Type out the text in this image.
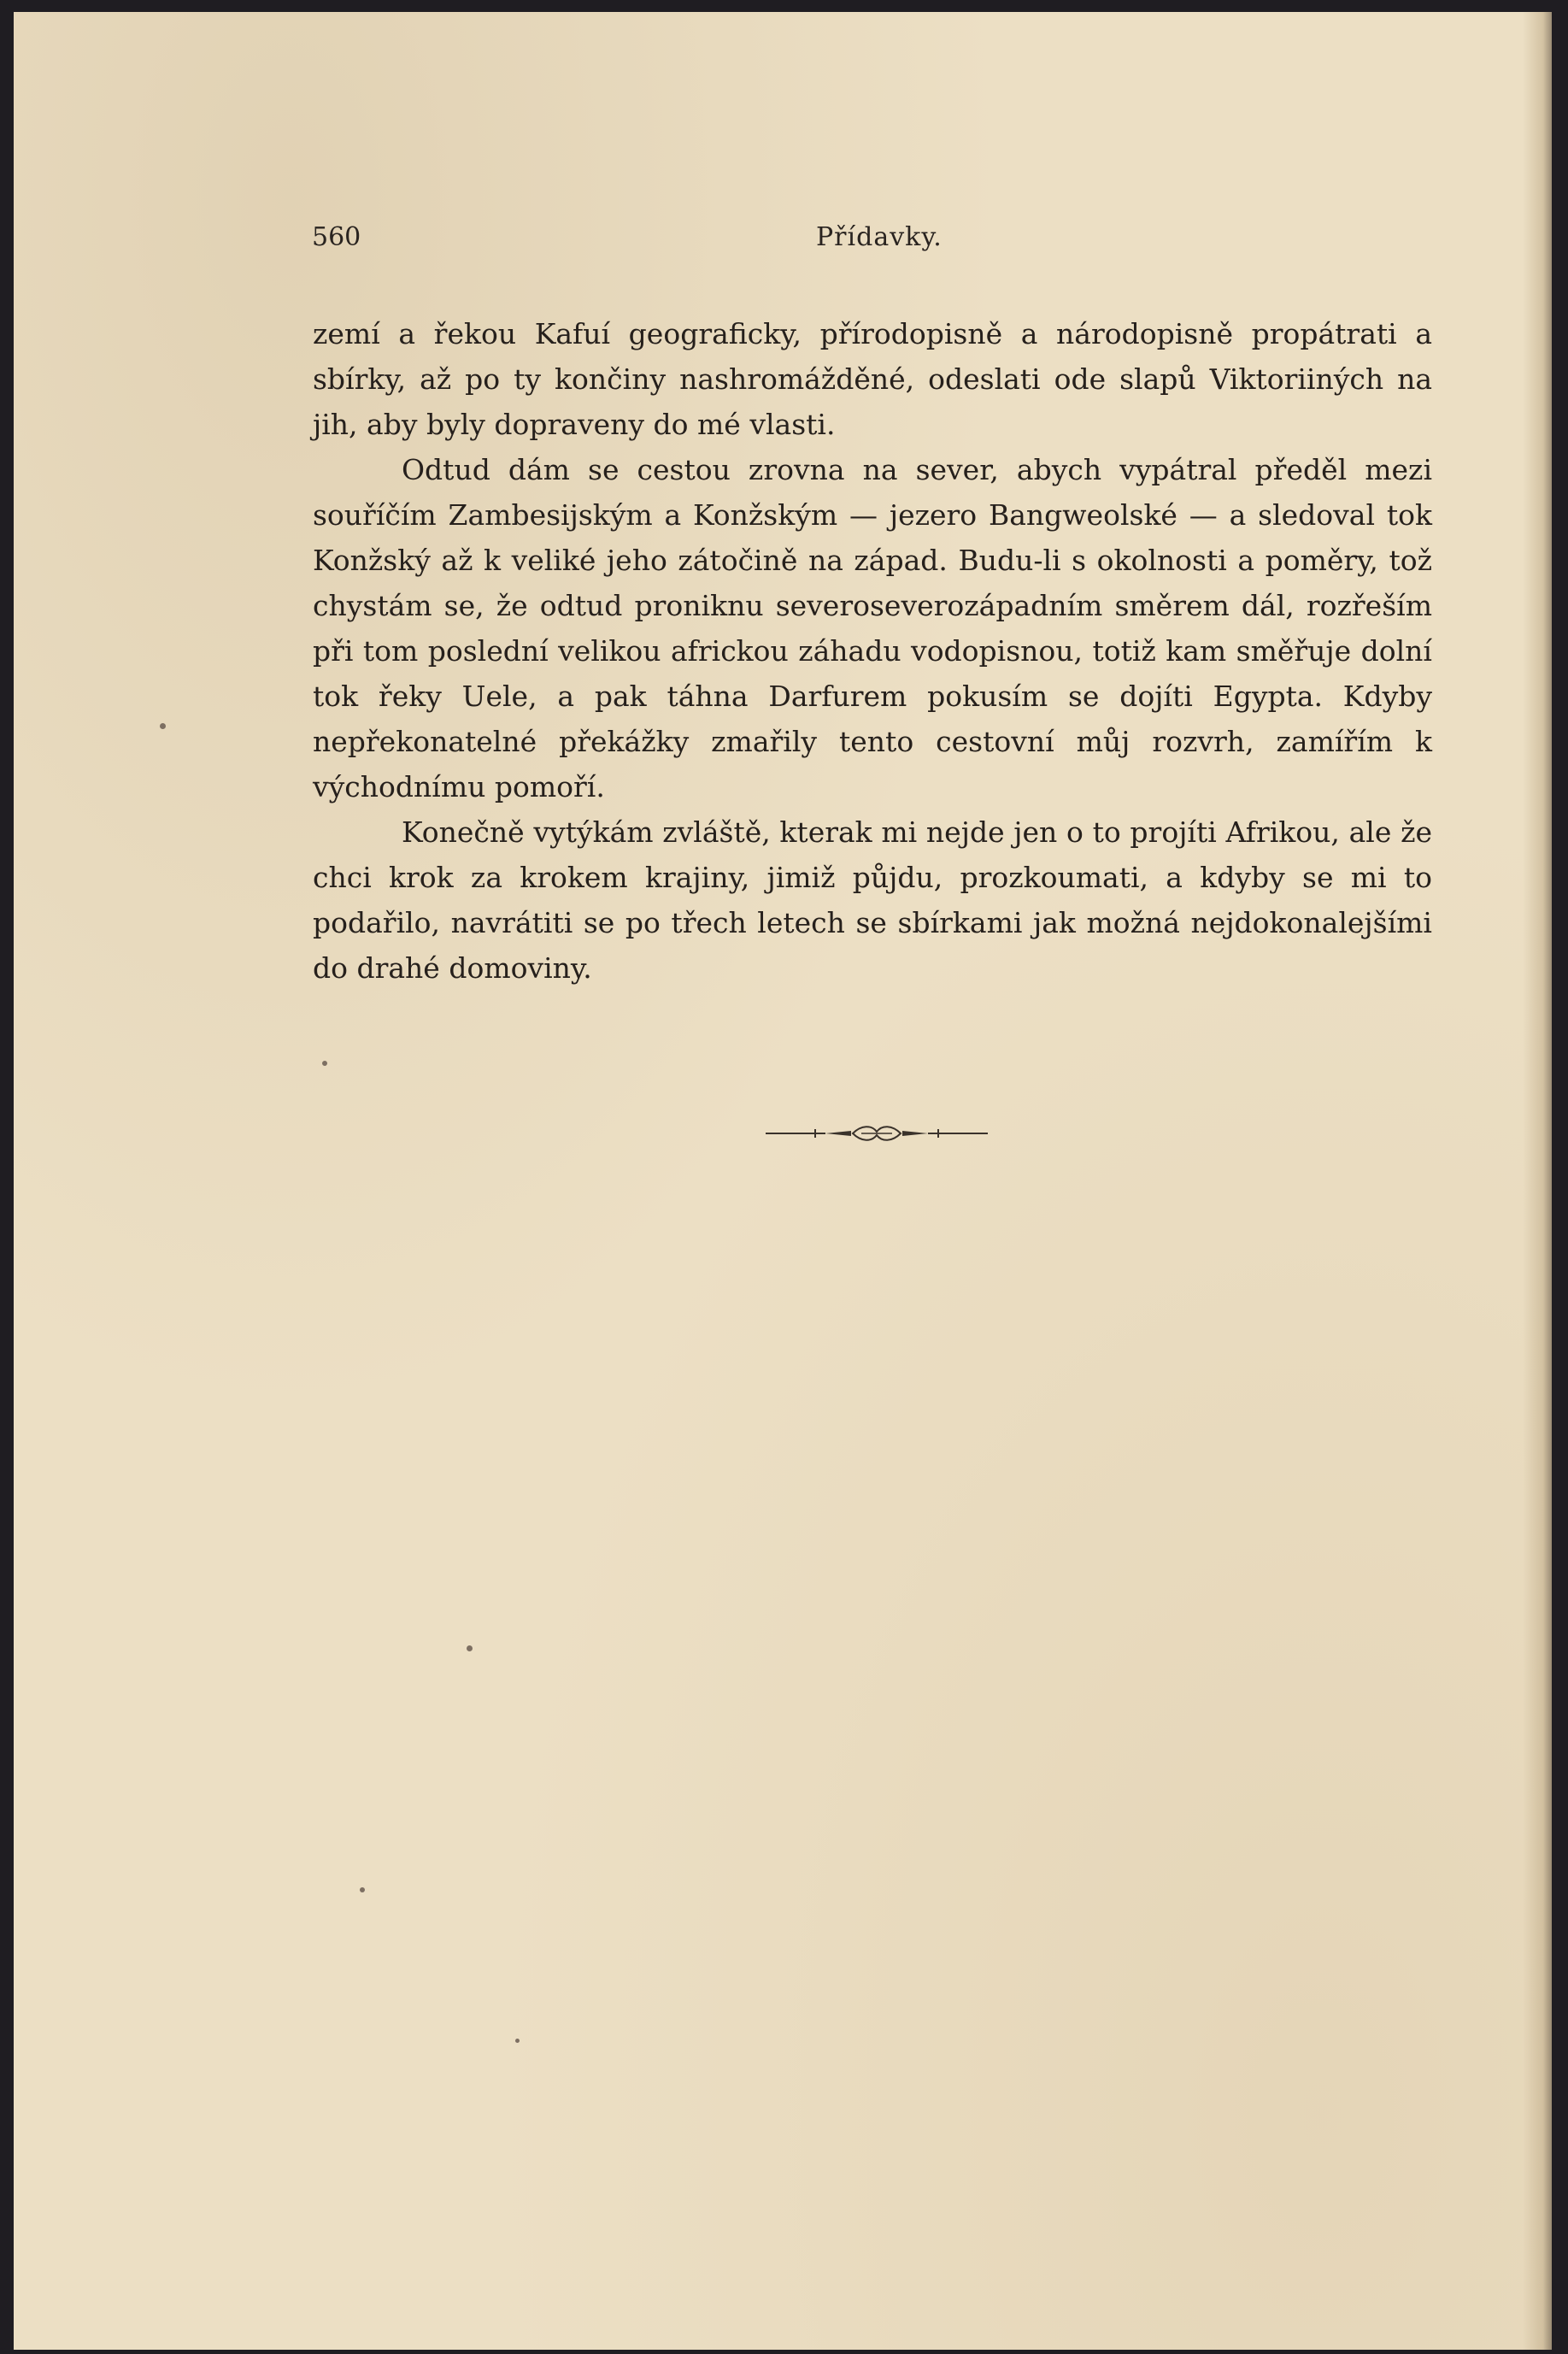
560	Přídavky.

zemí a řekou Kafuí geograficky, přírodopisně a národopisně propátrati a sbírky, až po ty končiny nashromážděné, odeslati ode slapů Viktoriiných na jih, aby byly dopraveny do mé vlasti.

Odtud dám se cestou zrovna na sever, abych vypátral předěl mezi souříčím Zambesijským a Konžským — jezero Bangweolské — a sledoval tok Konžský až k veliké jeho zátočině na západ. Budu-li s okolnosti a poměry, tož chystám se, že odtud proniknu severoseverozápadním směrem dál, rozřeším při tom poslední velikou africkou záhadu vodopisnou, totiž kam směřuje dolní tok řeky Uele, a pak táhna Darfurem pokusím se dojíti Egypta. Kdyby nepřekonatelné překážky zmařily tento cestovní můj rozvrh, zamířím k východnímu pomoří.

Konečně vytýkám zvláště, kterak mi nejde jen o to projíti Afrikou, ale že chci krok za krokem krajiny, jimiž půjdu, prozkoumati, a kdyby se mi to podařilo, navrátiti se po třech letech se sbírkami jak možná nejdokonalejšími do drahé domoviny.
